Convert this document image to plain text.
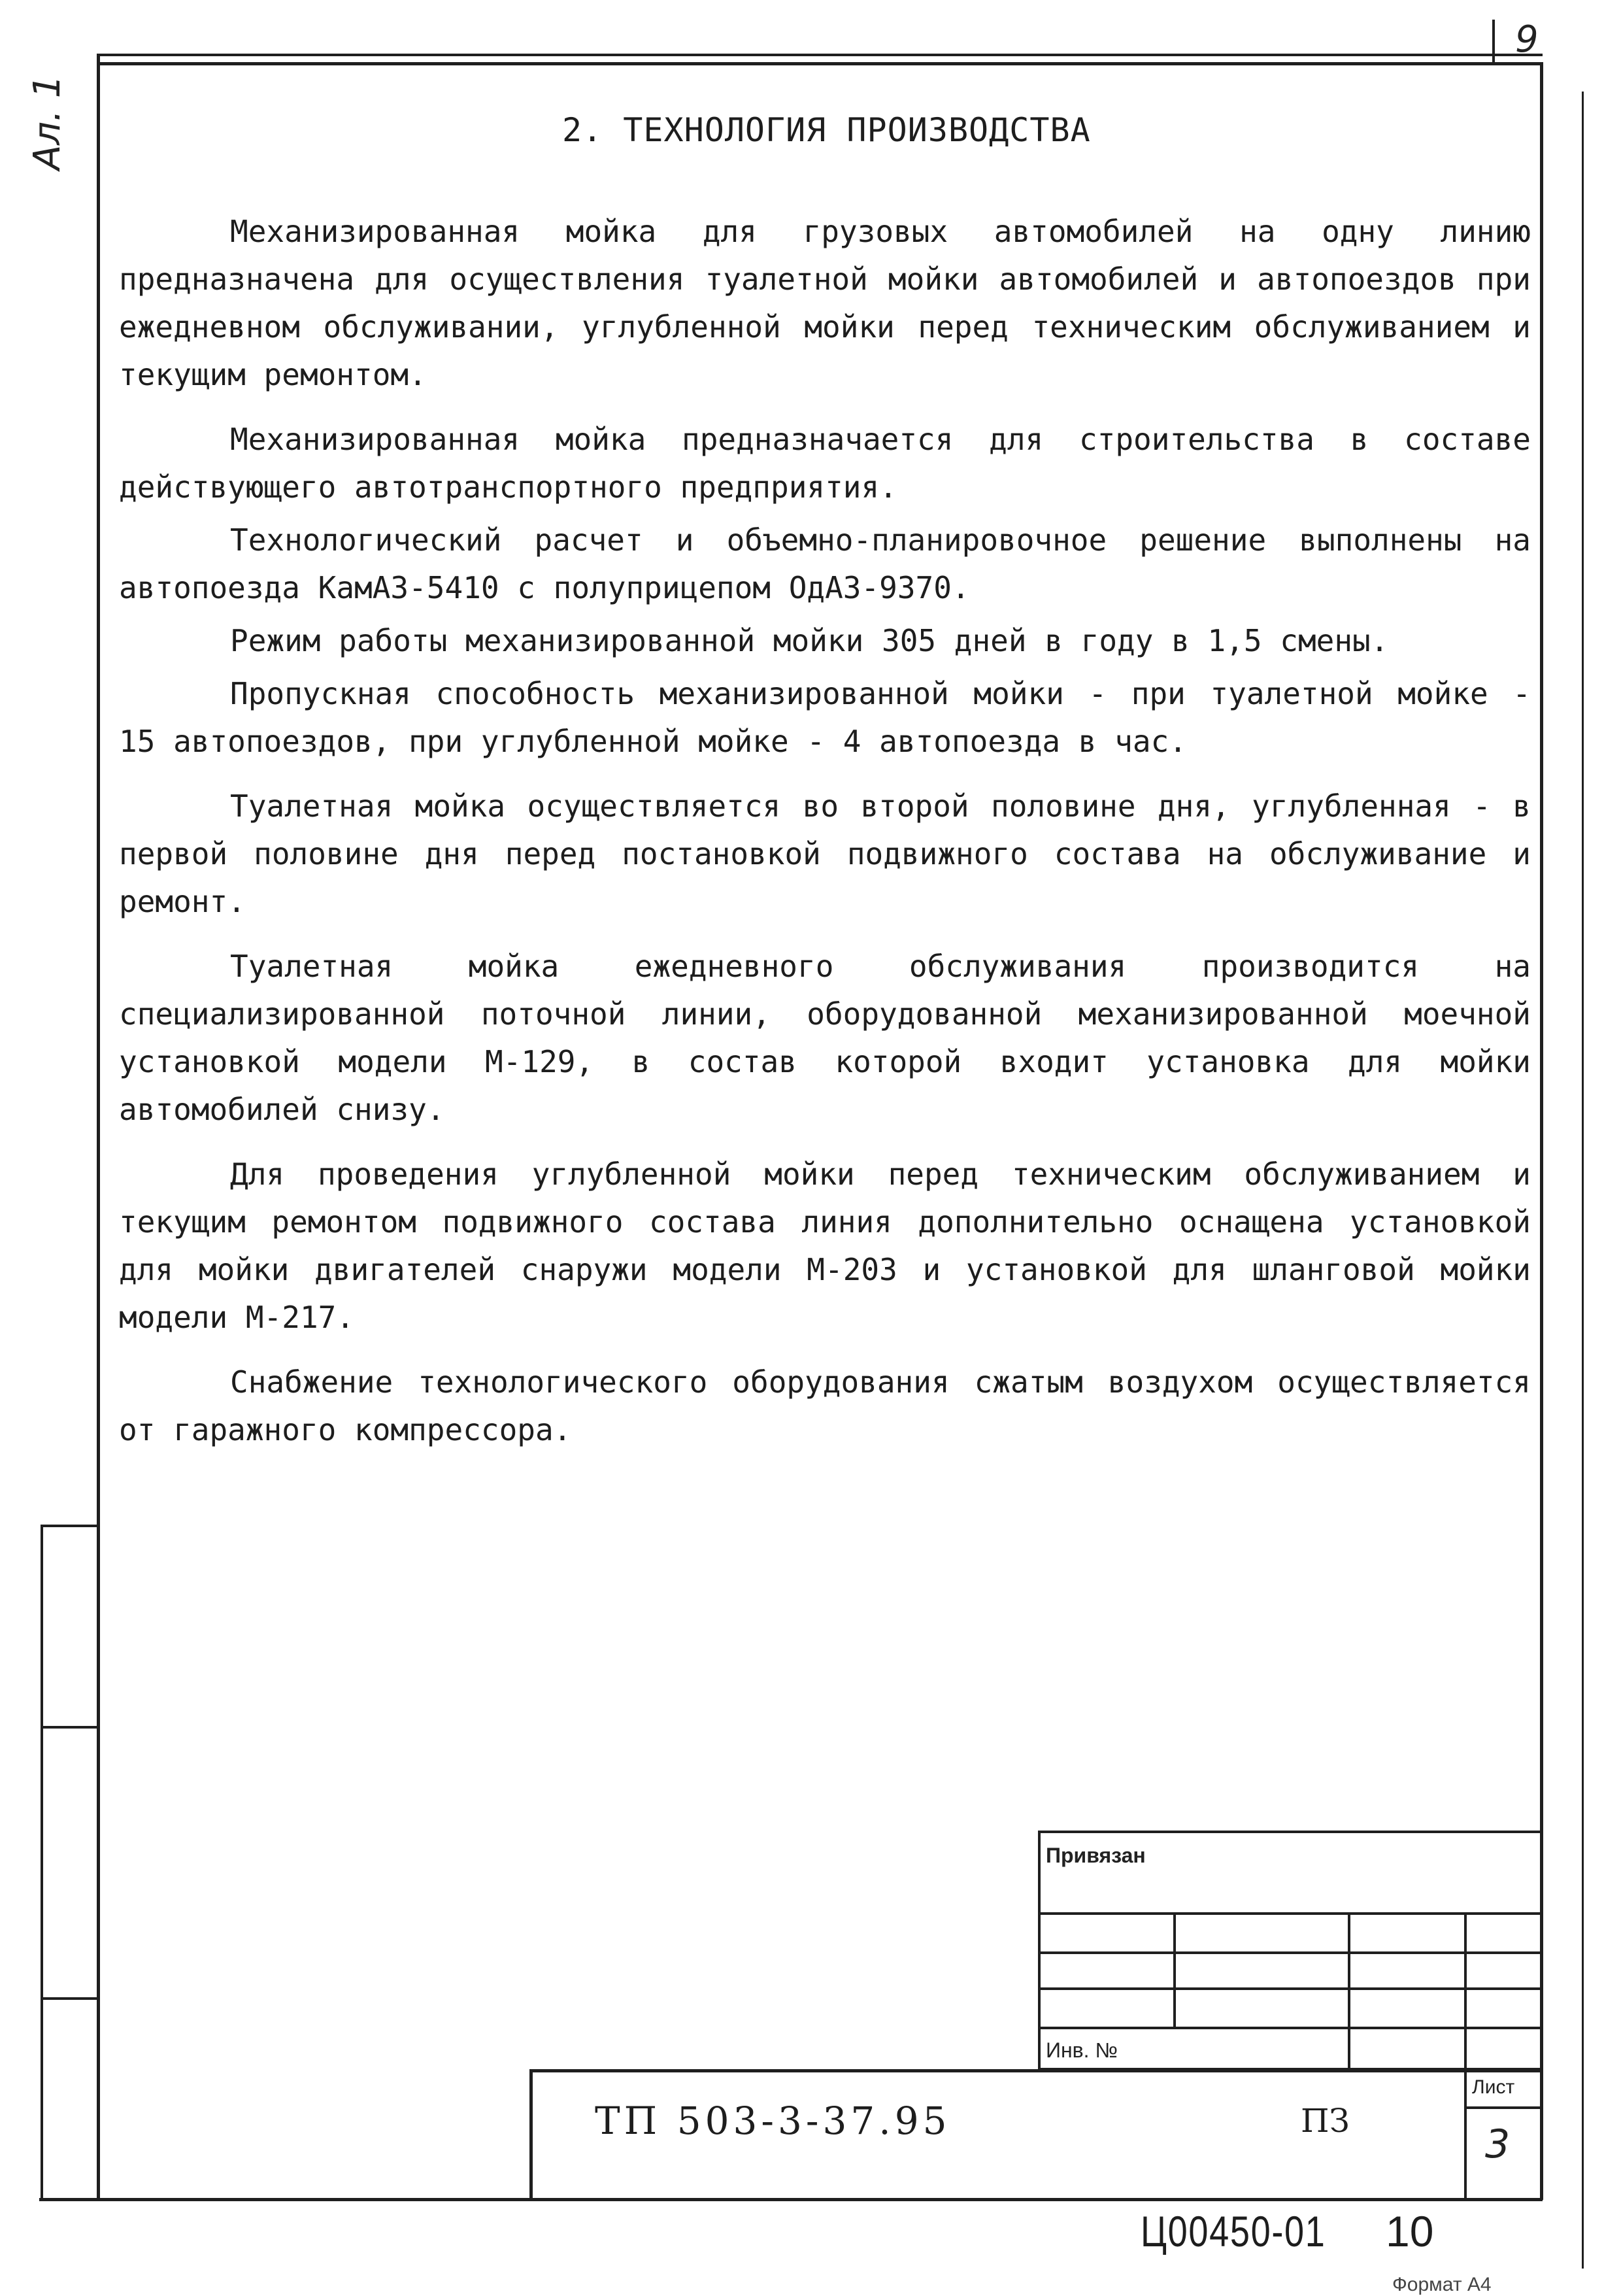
9
Ал. 1	2. ТЕХНОЛОГИЯ ПРОИЗВОДСТВА

Механизированная мойка для грузовых автомобилей на одну линию предназначена для осуществления туалетной мойки автомобилей и автопоездов при ежедневном обслуживании, углубленной мойки перед техническим обслуживанием и текущим ремонтом.

Механизированная мойка предназначается для строительства в составе действующего автотранспортного предприятия.

Технологический расчет и объемно-планировочное решение выполнены на автопоезда КамАЗ-5410 с полуприцепом ОдАЗ-9370.

Режим работы механизированной мойки 305 дней в году в 1,5 смены.

Пропускная способность механизированной мойки - при туалетной мойке - 15 автопоездов, при углубленной мойке - 4 автопоезда в час.

Туалетная мойка осуществляется во второй половине дня, углубленная - в первой половине дня перед постановкой подвижного состава на обслуживание и ремонт.

Туалетная мойка ежедневного обслуживания производится на специализированной поточной линии, оборудованной механизированной моечной установкой модели М-129, в состав которой входит установка для мойки автомобилей снизу.

Для проведения углубленной мойки перед техническим обслуживанием и текущим ремонтом подвижного состава линия дополнительно оснащена установкой для мойки двигателей снаружи модели М-203 и установкой для шланговой мойки модели М-217.

Снабжение технологического оборудования сжатым воздухом осуществляется от гаражного компрессора.

Привязан
Инв. №
ТП 503-3-37.95	ПЗ
Лист
3
Ц00450-01 10
Формат А4
